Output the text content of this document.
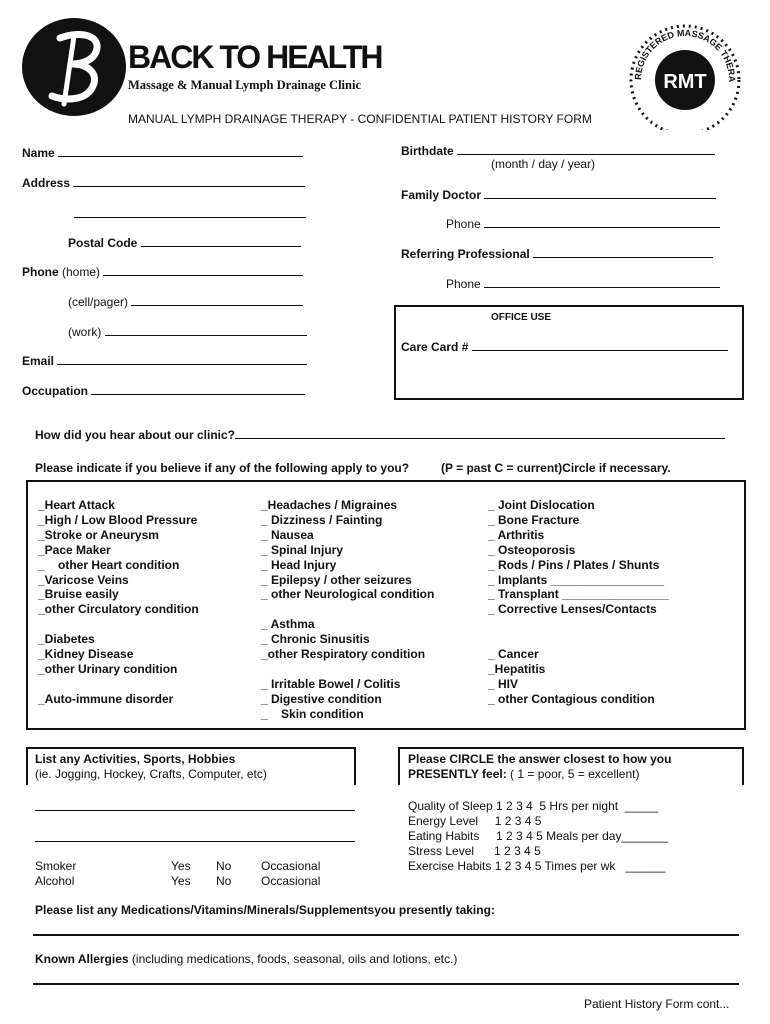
BACK TO HEALTH
Massage & Manual Lymph Drainage Clinic
REGISTERED MASSAGE THERA
RMT
MANUAL LYMPH DRAINAGE THERAPY - CONFIDENTIAL PATIENT HISTORY FORM
Name
Address
Postal Code
Phone (home)
(cell/pager)
(work)
Email
Occupation
Birthdate
(month / day / year)
Family Doctor
Phone
Referring Professional
Phone
OFFICE USE
Care Card #
How did you hear about our clinic?
Please indicate if you believe if any of the following apply to you?	(P = past C = current)Circle if necessary.
_Heart Attack
_High / Low Blood Pressure
_Stroke or Aneurysm
_Pace Maker
_    other Heart condition
_Varicose Veins
_Bruise easily
_other Circulatory condition

_Diabetes
_Kidney Disease
_other Urinary condition

_Auto-immune disorder
_Headaches / Migraines
_ Dizziness / Fainting
_ Nausea
_ Spinal Injury
_ Head Injury
_ Epilepsy / other seizures
_ other Neurological condition

_ Asthma
_ Chronic Sinusitis
_other Respiratory condition

_ Irritable Bowel / Colitis
_ Digestive condition
_    Skin condition
_ Joint Dislocation
_ Bone Fracture
_ Arthritis
_ Osteoporosis
_ Rods / Pins / Plates / Shunts
_ Implants _________________
_ Transplant ________________
_ Corrective Lenses/Contacts

_ Cancer
_Hepatitis
_ HIV
_ other Contagious condition
List any Activities, Sports, Hobbies
(ie. Jogging, Hockey, Crafts, Computer, etc)
Please CIRCLE the answer closest to how you
PRESENTLY feel: ( 1 = poor, 5 = excellent)
Quality of Sleep 1 2 3 4  5 Hrs per night  _____
Energy Level     1 2 3 4 5
Eating Habits     1 2 3 4 5 Meals per day_______
Stress Level      1 2 3 4 5
Exercise Habits 1 2 3 4 5 Times per wk   ______
Smoker	Yes No Occasional
Alcohol	Yes No Occasional
Please list any Medications/Vitamins/Minerals/Supplementsyou presently taking:
Known Allergies (including medications, foods, seasonal, oils and lotions, etc.)
Patient History Form cont...
